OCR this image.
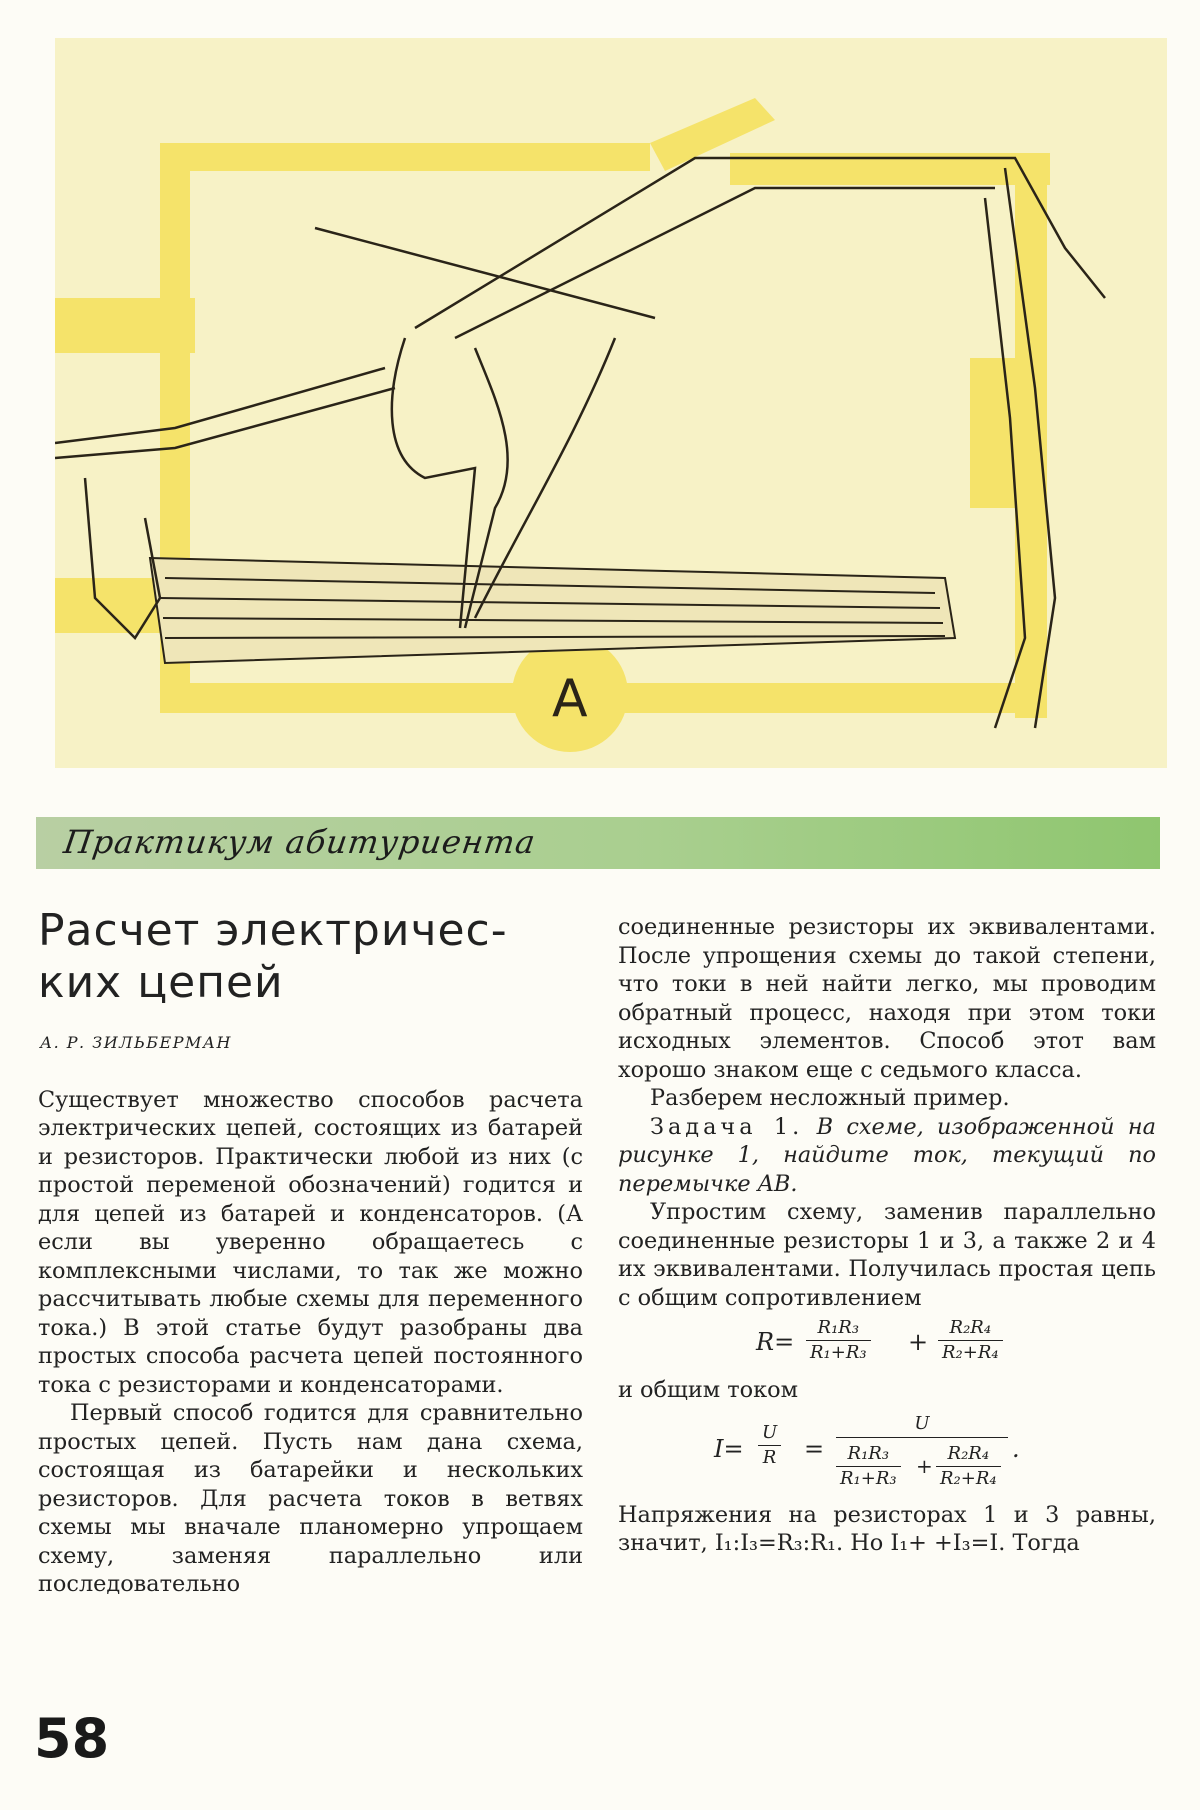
A
Практикум абитуриента
Расчет электричес- ких цепей
А. Р. ЗИЛЬБЕРМАН

Существует множество способов расчета электрических цепей, состоящих из батарей и резисторов. Практически любой из них (с простой переменой обозначений) годится и для цепей из батарей и конденсаторов. (А если вы уверенно обращаетесь с комплексными числами, то так же можно рассчитывать любые схемы для переменного тока.) В этой статье будут разобраны два простых способа расчета цепей постоянного тока с резисторами и конденсаторами.

Первый способ годится для сравнительно простых цепей. Пусть нам дана схема, состоящая из батарейки и нескольких резисторов. Для расчета токов в ветвях схемы мы вначале планомерно упрощаем схему, заменяя параллельно или последовательно

соединенные резисторы их эквивалентами. После упрощения схемы до такой степени, что токи в ней найти легко, мы проводим обратный процесс, находя при этом токи исходных элементов. Способ этот вам хорошо знаком еще с седьмого класса.

Разберем несложный пример.

Задача 1. В схеме, изображенной на рисунке 1, найдите ток, текущий по перемычке AB.

Упростим схему, заменив параллельно соединенные резисторы 1 и 3, а также 2 и 4 их эквивалентами. Получилась простая цепь с общим сопротивлением

$R= \frac{\text{R₁R₃}}{\text{R₁+R₃}} + \frac{\text{R₂R₄}}{\text{R₂+R₄}}$

и общим током

$I= \frac{U}{R}$ =
U
$\frac{\text{R₁R₃}}{\text{R₁+R₃}} + \frac{\text{R₂R₄}}{\text{R₂+R₄}}$ .

Напряжения на резисторах 1 и 3 равны, значит, I₁:I₃=R₃:R₁. Но I₁+ +I₃=I. Тогда

58
